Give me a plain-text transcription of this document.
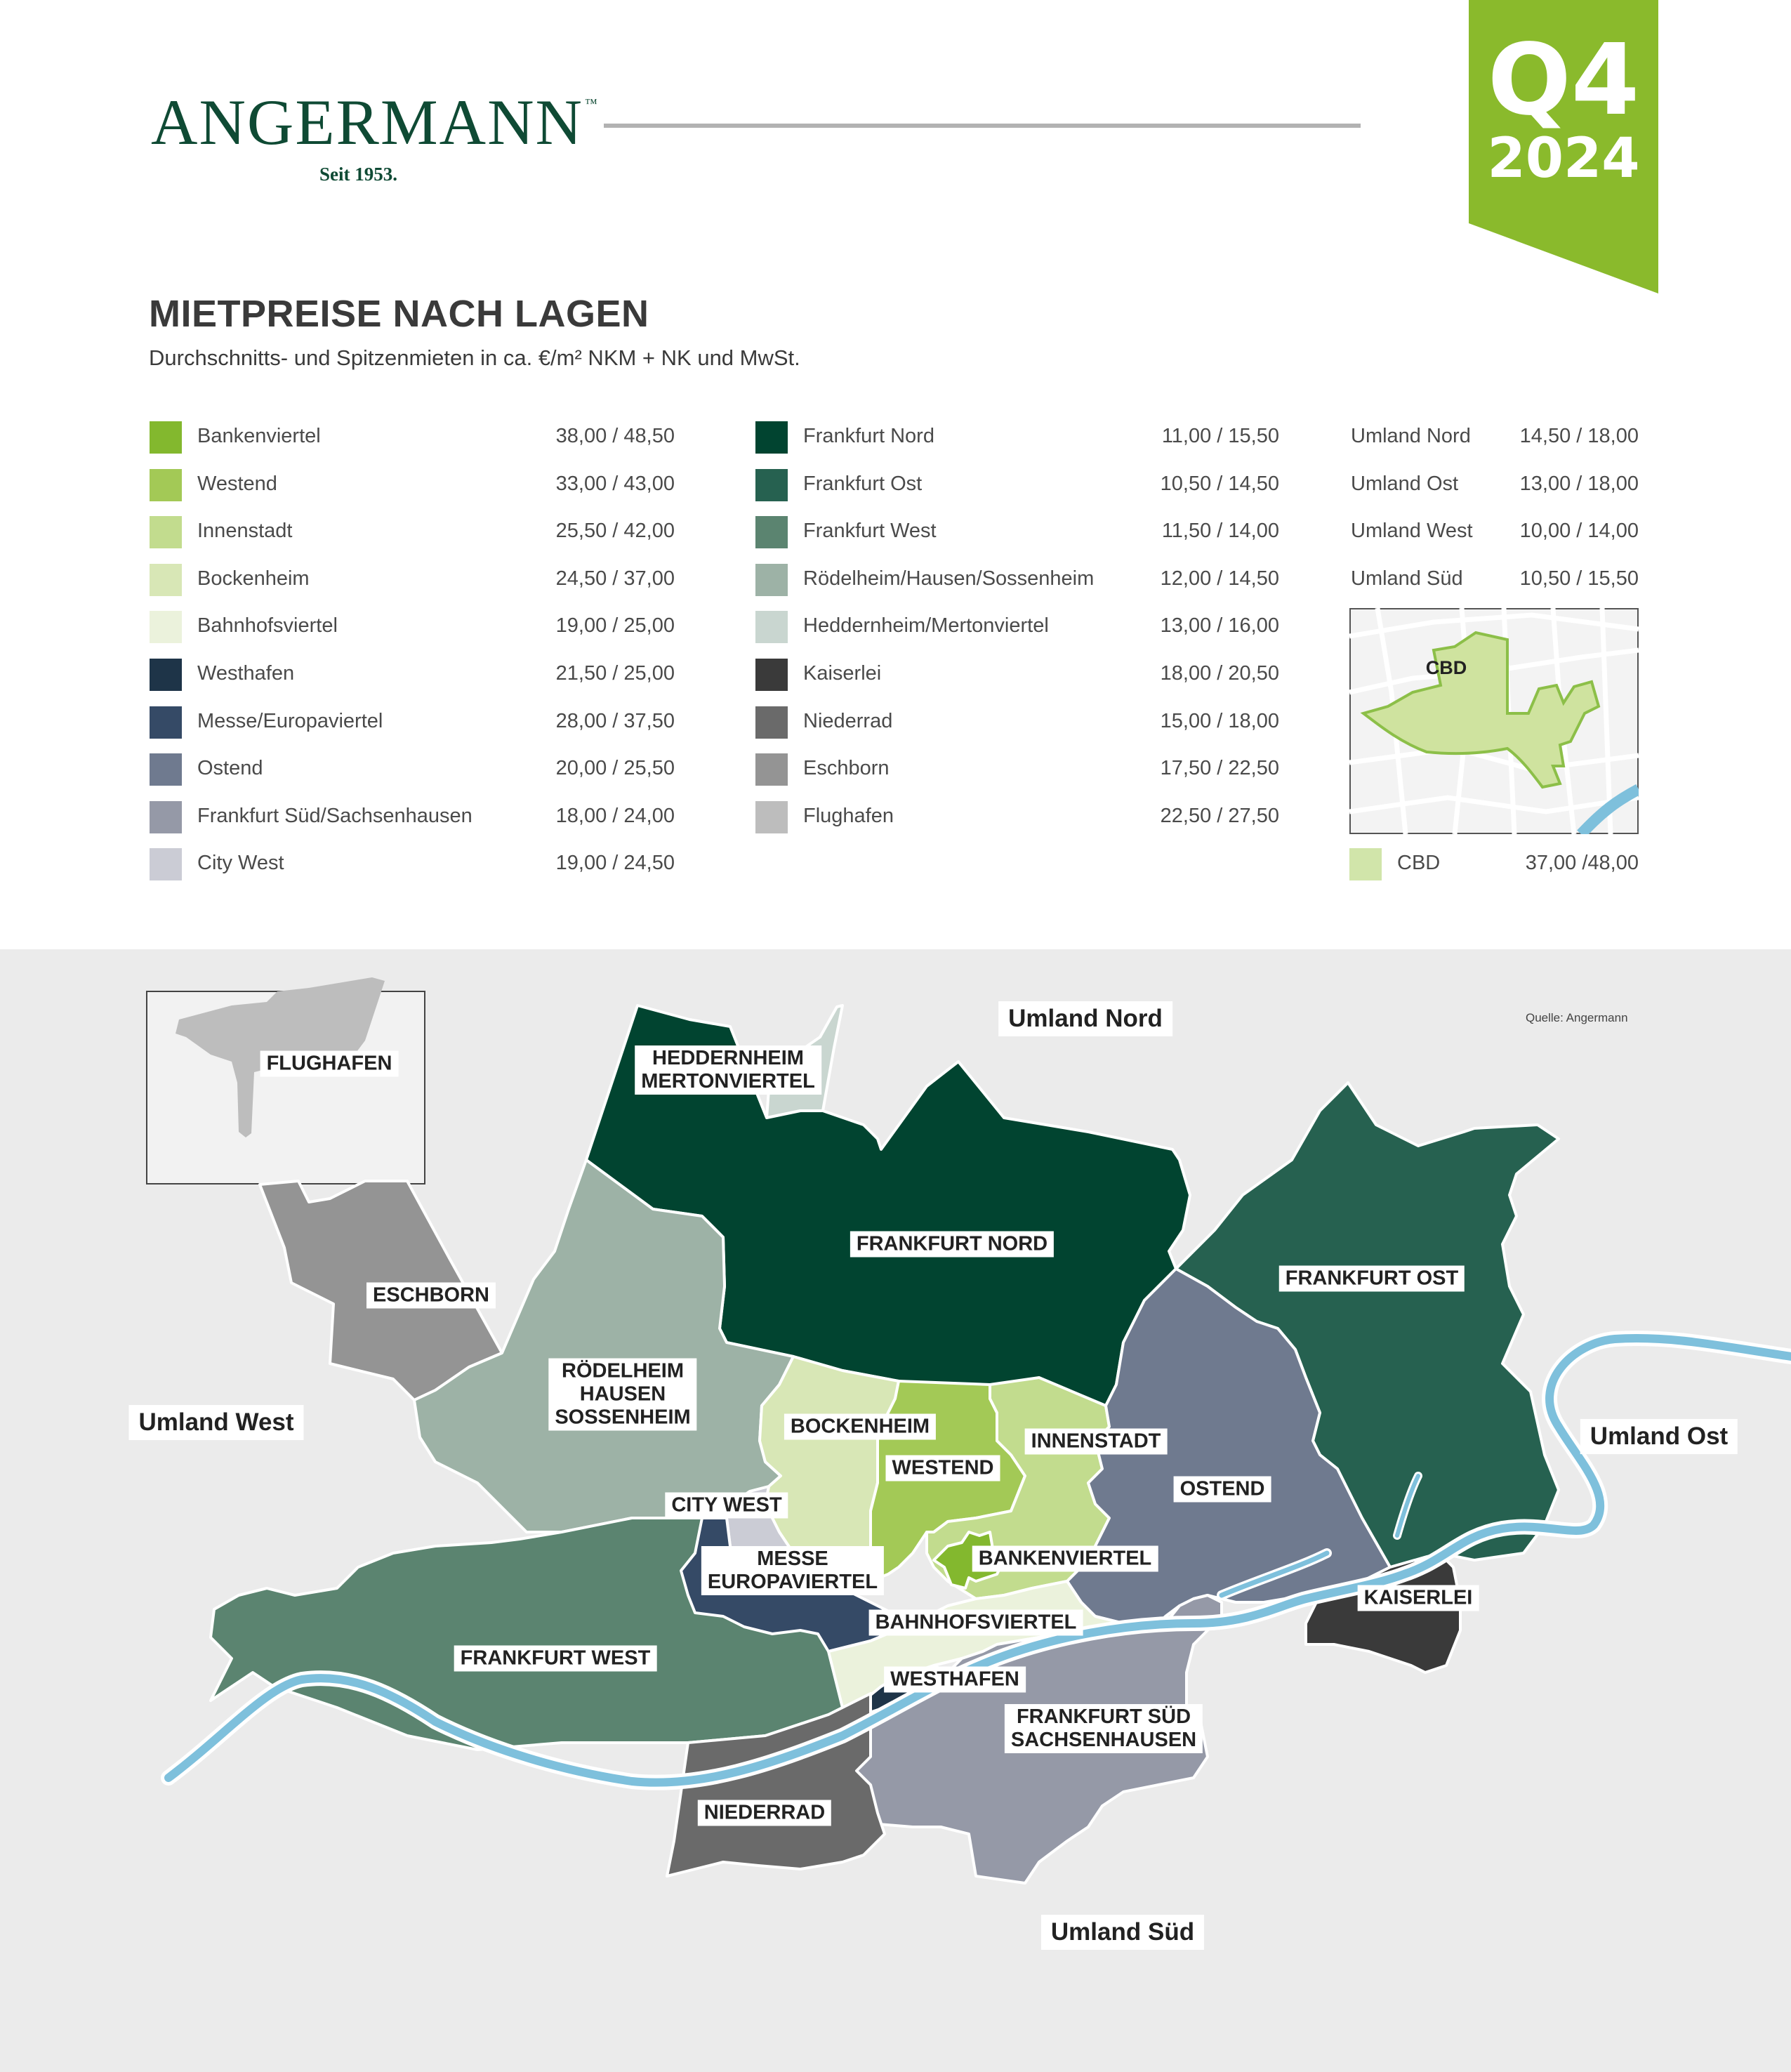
ANGERMANN ™
Seit 1953.
Q4
2024
MIETPREISE NACH LAGEN
Durchschnitts- und Spitzenmieten in ca. €/m² NKM + NK und MwSt.
Bankenviertel	38,00 / 48,50
Westend	33,00 / 43,00
Innenstadt	25,50 / 42,00
Bockenheim	24,50 / 37,00
Bahnhofsviertel	19,00 / 25,00
Westhafen	21,50 / 25,00
Messe/Europaviertel	28,00 / 37,50
Ostend	20,00 / 25,50
Frankfurt Süd/Sachsenhausen	18,00 / 24,00
City West	19,00 / 24,50
Frankfurt Nord	11,00 / 15,50
Frankfurt Ost	10,50 / 14,50
Frankfurt West	11,50 / 14,00
Rödelheim/Hausen/Sossenheim	12,00 / 14,50
Heddernheim/Mertonviertel	13,00 / 16,00
Kaiserlei	18,00 / 20,50
Niederrad	15,00 / 18,00
Eschborn	17,50 / 22,50
Flughafen	22,50 / 27,50
Umland Nord 14,50 / 18,00
Umland Ost	13,00 / 18,00
Umland West 10,00 / 14,00
Umland Süd	10,50 / 15,50
CBD
CBD	37,00 /48,00
Quelle: Angermann
Umland Nord
Umland West
Umland Ost
Umland Süd
FLUGHAFEN
ESCHBORN
HEDDERNHEIM
MERTONVIERTEL
FRANKFURT NORD
FRANKFURT OST
RÖDELHEIM
HAUSEN
SOSSENHEIM	BOCKENHEIM
INNENSTADT
WESTEND
OSTEND
CITY WEST
MESSE
EUROPAVIERTEL
BANKENVIERTEL
KAISERLEI
BAHNHOFSVIERTEL
FRANKFURT WEST
WESTHAFEN
FRANKFURT SÜD
SACHSENHAUSEN
NIEDERRAD
